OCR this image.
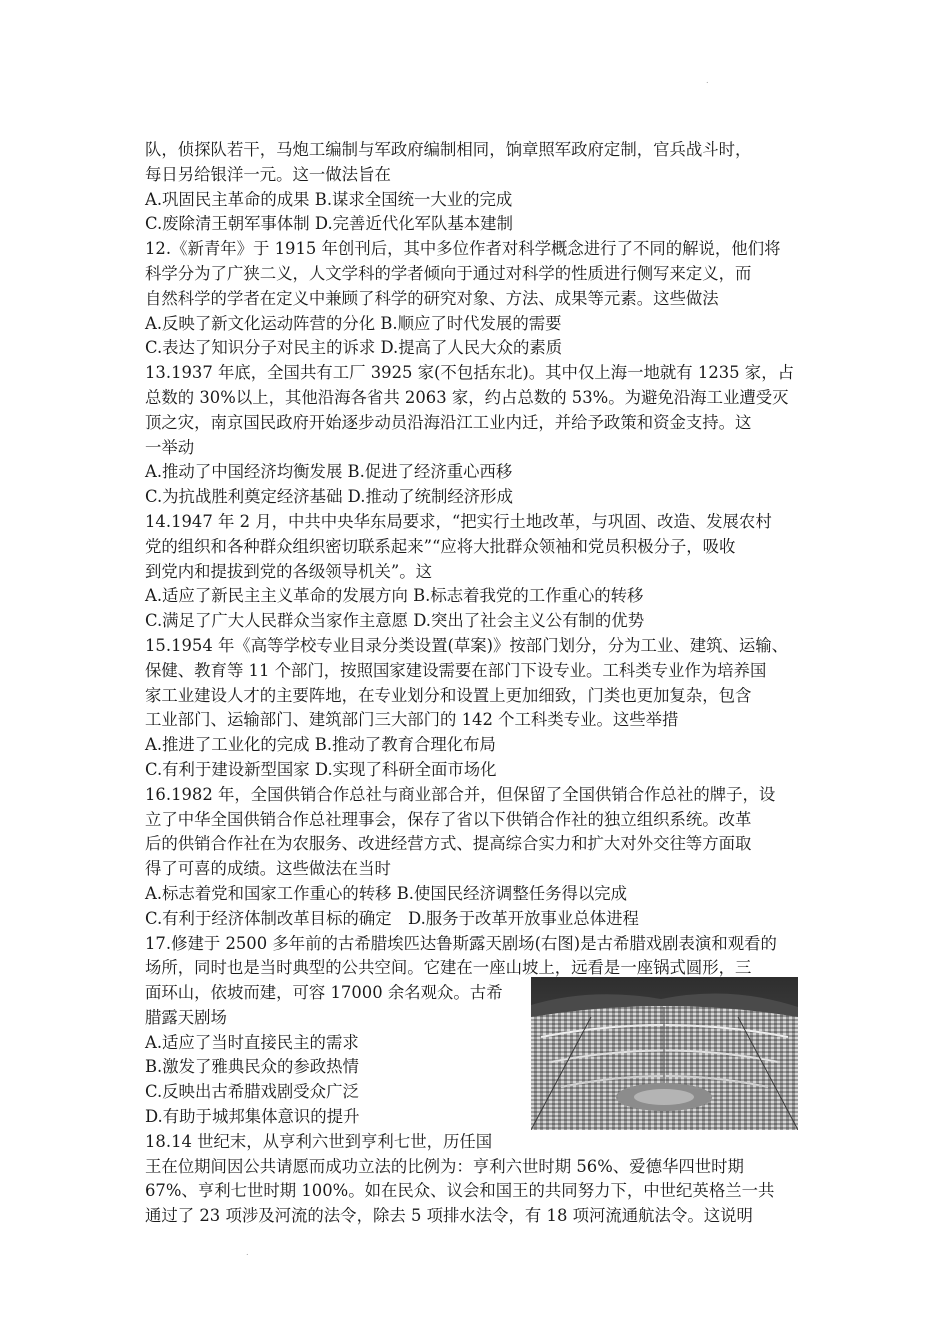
.
队，侦探队若干，马炮工编制与军政府编制相同，饷章照军政府定制，官兵战斗时，
每日另给银洋一元。这一做法旨在
A.巩固民主革命的成果 B.谋求全国统一大业的完成
C.废除清王朝军事体制 D.完善近代化军队基本建制
12.《新青年》于 1915 年创刊后，其中多位作者对科学概念进行了不同的解说，他们将
科学分为了广狭二义，人文学科的学者倾向于通过对科学的性质进行侧写来定义，而
自然科学的学者在定义中兼顾了科学的研究对象、方法、成果等元素。这些做法
A.反映了新文化运动阵营的分化 B.顺应了时代发展的需要
C.表达了知识分子对民主的诉求 D.提高了人民大众的素质
13.1937 年底，全国共有工厂 3925 家(不包括东北)。其中仅上海一地就有 1235 家，占
总数的 30%以上，其他沿海各省共 2063 家，约占总数的 53%。为避免沿海工业遭受灭
顶之灾，南京国民政府开始逐步动员沿海沿江工业内迁，并给予政策和资金支持。这
一举动
A.推动了中国经济均衡发展 B.促进了经济重心西移
C.为抗战胜利奠定经济基础 D.推动了统制经济形成
14.1947 年 2 月，中共中央华东局要求，“把实行土地改革，与巩固、改造、发展农村
党的组织和各种群众组织密切联系起来”“应将大批群众领袖和党员积极分子，吸收
到党内和提拔到党的各级领导机关”。这
A.适应了新民主主义革命的发展方向 B.标志着我党的工作重心的转移
C.满足了广大人民群众当家作主意愿 D.突出了社会主义公有制的优势
15.1954 年《高等学校专业目录分类设置(草案)》按部门划分，分为工业、建筑、运输、
保健、教育等 11 个部门，按照国家建设需要在部门下设专业。工科类专业作为培养国
家工业建设人才的主要阵地，在专业划分和设置上更加细致，门类也更加复杂，包含
工业部门、运输部门、建筑部门三大部门的 142 个工科类专业。这些举措
A.推进了工业化的完成 B.推动了教育合理化布局
C.有利于建设新型国家 D.实现了科研全面市场化
16.1982 年，全国供销合作总社与商业部合并，但保留了全国供销合作总社的牌子，设
立了中华全国供销合作总社理事会，保存了省以下供销合作社的独立组织系统。改革
后的供销合作社在为农服务、改进经营方式、提高综合实力和扩大对外交往等方面取
得了可喜的成绩。这些做法在当时
A.标志着党和国家工作重心的转移 B.使国民经济调整任务得以完成
C.有利于经济体制改革目标的确定　D.服务于改革开放事业总体进程
17.修建于 2500 多年前的古希腊埃匹达鲁斯露天剧场(右图)是古希腊戏剧表演和观看的
场所，同时也是当时典型的公共空间。它建在一座山坡上，远看是一座锅式圆形，三
面环山，依坡而建，可容 17000 余名观众。古希
腊露天剧场
A.适应了当时直接民主的需求
B.激发了雅典民众的参政热情
C.反映出古希腊戏剧受众广泛
D.有助于城邦集体意识的提升
18.14 世纪末，从亨利六世到亨利七世，历任国
王在位期间因公共请愿而成功立法的比例为：亨利六世时期 56%、爱德华四世时期
67%、亨利七世时期 100%。如在民众、议会和国王的共同努力下，中世纪英格兰一共
通过了 23 项涉及河流的法令，除去 5 项排水法令，有 18 项河流通航法令。这说明
.
